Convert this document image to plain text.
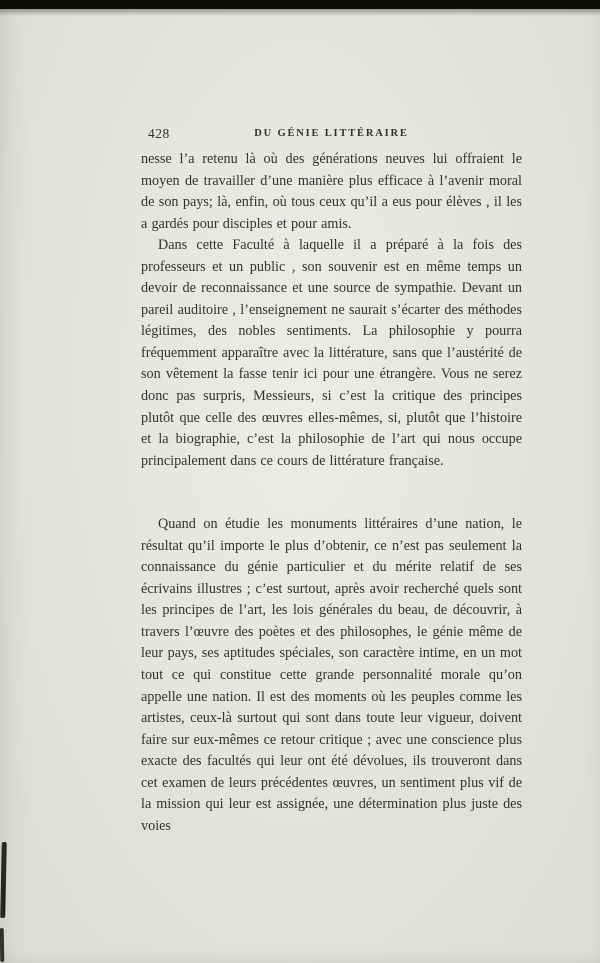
428	DU GÉNIE LITTÉRAIRE

nesse l’a retenu là où des générations neuves lui offraient le moyen de travailler d’une manière plus efficace à l’avenir moral de son pays; là, enfin, où tous ceux qu’il a eus pour élèves , il les a gardés pour disciples et pour amis.

Dans cette Faculté à laquelle il a préparé à la fois des professeurs et un public , son souvenir est en même temps un devoir de reconnaissance et une source de sympathie. Devant un pareil auditoire , l’enseignement ne saurait s’écarter des méthodes légitimes, des nobles sentiments. La philosophie y pourra fréquemment apparaître avec la littérature, sans que l’austérité de son vêtement la fasse tenir ici pour une étrangère. Vous ne serez donc pas surpris, Messieurs, si c’est la critique des principes plutôt que celle des œuvres elles-mêmes, si, plutôt que l’histoire et la biographie, c’est la philosophie de l’art qui nous occupe principalement dans ce cours de littérature française.

Quand on étudie les monuments littéraires d’une nation, le résultat qu’il importe le plus d’obtenir, ce n’est pas seulement la connaissance du génie particulier et du mérite relatif de ses écrivains illustres ; c’est surtout, après avoir recherché quels sont les principes de l’art, les lois générales du beau, de découvrir, à travers l’œuvre des poètes et des philosophes, le génie même de leur pays, ses aptitudes spéciales, son caractère intime, en un mot tout ce qui constitue cette grande personnalité morale qu’on appelle une nation. Il est des moments où les peuples comme les artistes, ceux-là surtout qui sont dans toute leur vigueur, doivent faire sur eux-mêmes ce retour critique ; avec une conscience plus exacte des facultés qui leur ont été dévolues, ils trouveront dans cet examen de leurs précédentes œuvres, un sentiment plus vif de la mission qui leur est assignée, une détermination plus juste des voies
